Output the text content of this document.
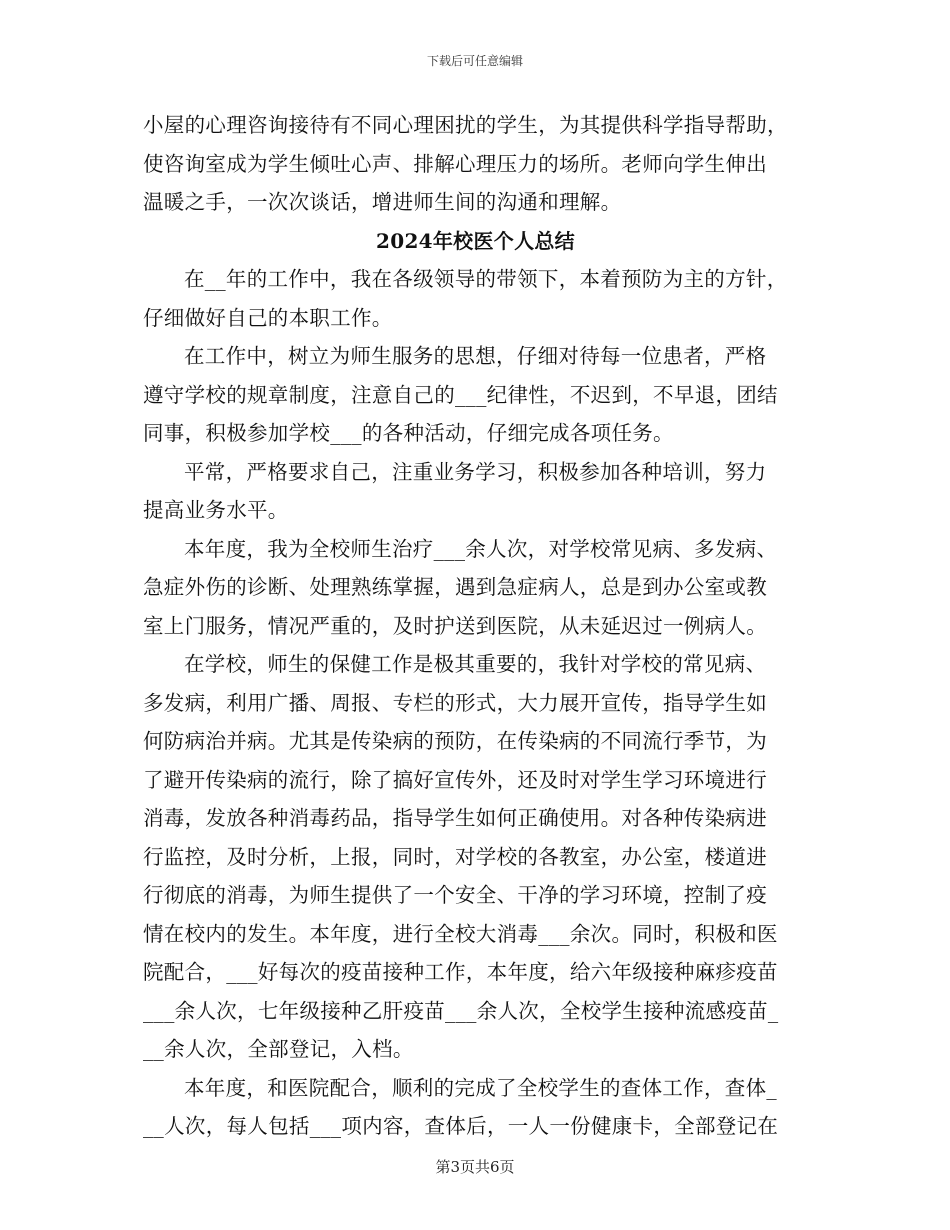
下载后可任意编辑
小屋的心理咨询接待有不同心理困扰的学生，为其提供科学指导帮助，
使咨询室成为学生倾吐心声、排解心理压力的场所。老师向学生伸出
温暖之手，一次次谈话，增进师生间的沟通和理解。
2024年校医个人总结
在__年的工作中，我在各级领导的带领下，本着预防为主的方针，
仔细做好自己的本职工作。
在工作中，树立为师生服务的思想，仔细对待每一位患者，严格
遵守学校的规章制度，注意自己的___纪律性，不迟到，不早退，团结
同事，积极参加学校___的各种活动，仔细完成各项任务。
平常，严格要求自己，注重业务学习，积极参加各种培训，努力
提高业务水平。
本年度，我为全校师生治疗___余人次，对学校常见病、多发病、
急症外伤的诊断、处理熟练掌握，遇到急症病人，总是到办公室或教
室上门服务，情况严重的，及时护送到医院，从未延迟过一例病人。
在学校，师生的保健工作是极其重要的，我针对学校的常见病、
多发病，利用广播、周报、专栏的形式，大力展开宣传，指导学生如
何防病治并病。尤其是传染病的预防，在传染病的不同流行季节，为
了避开传染病的流行，除了搞好宣传外，还及时对学生学习环境进行
消毒，发放各种消毒药品，指导学生如何正确使用。对各种传染病进
行监控，及时分析，上报，同时，对学校的各教室，办公室，楼道进
行彻底的消毒，为师生提供了一个安全、干净的学习环境，控制了疫
情在校内的发生。本年度，进行全校大消毒___余次。同时，积极和医
院配合，___好每次的疫苗接种工作，本年度，给六年级接种麻疹疫苗
___余人次，七年级接种乙肝疫苗___余人次，全校学生接种流感疫苗_
__余人次，全部登记，入档。
本年度，和医院配合，顺利的完成了全校学生的查体工作，查体_
__人次，每人包括___项内容，查体后，一人一份健康卡，全部登记在
第3页共6页
